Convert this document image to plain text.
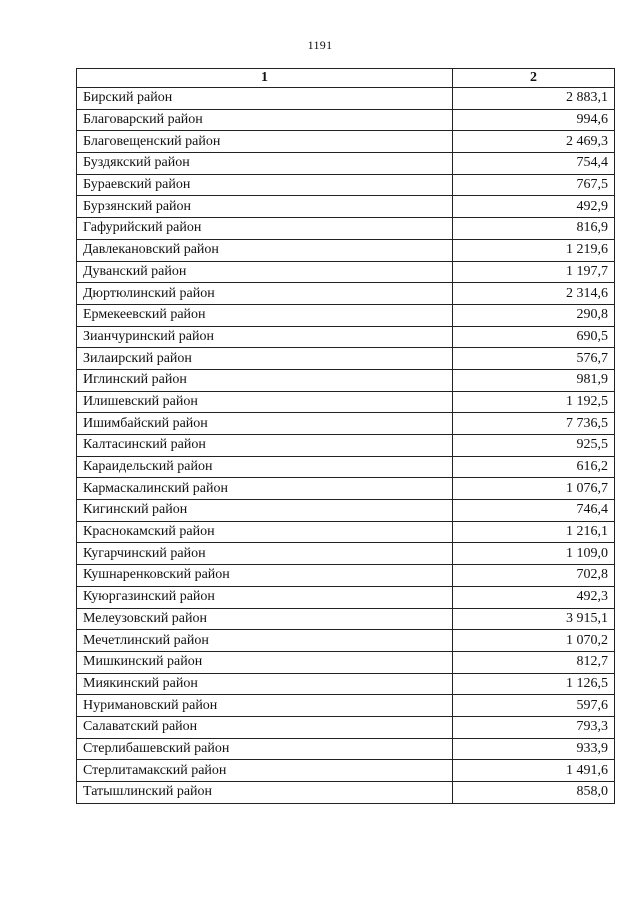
1191
1	2
Бирский район	2 883,1
Благоварский район	994,6
Благовещенский район	2 469,3
Буздякский район	754,4
Бураевский район	767,5
Бурзянский район	492,9
Гафурийский район	816,9
Давлекановский район	1 219,6
Дуванский район	1 197,7
Дюртюлинский район	2 314,6
Ермекеевский район	290,8
Зианчуринский район	690,5
Зилаирский район	576,7
Иглинский район	981,9
Илишевский район	1 192,5
Ишимбайский район	7 736,5
Калтасинский район	925,5
Караидельский район	616,2
Кармаскалинский район	1 076,7
Кигинский район	746,4
Краснокамский район	1 216,1
Кугарчинский район	1 109,0
Кушнаренковский район	702,8
Куюргазинский район	492,3
Мелеузовский район	3 915,1
Мечетлинский район	1 070,2
Мишкинский район	812,7
Миякинский район	1 126,5
Нуримановский район	597,6
Салаватский район	793,3
Стерлибашевский район	933,9
Стерлитамакский район	1 491,6
Татышлинский район	858,0
